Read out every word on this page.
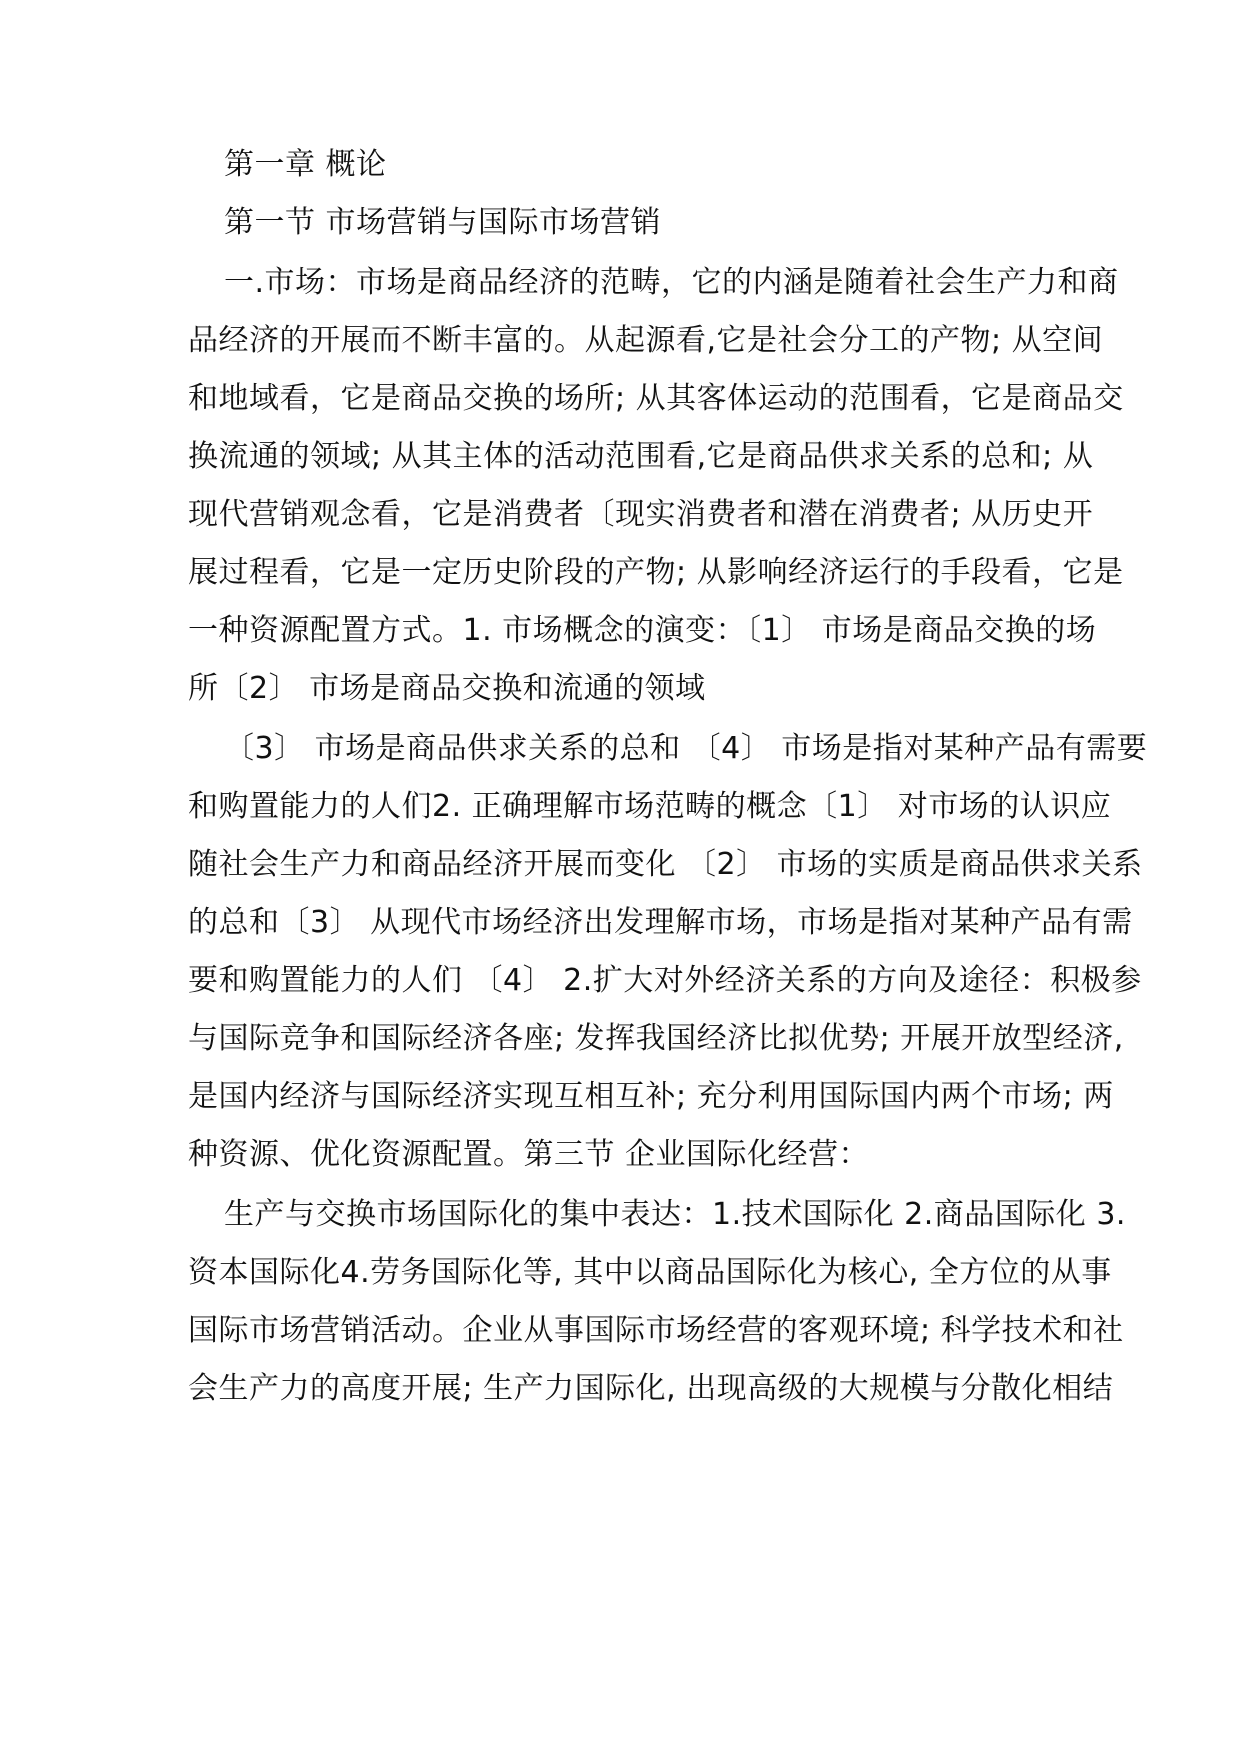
第一章 概论
第一节 市场营销与国际市场营销
一.市场：市场是商品经济的范畴，它的内涵是随着社会生产力和商
品经济的开展而不断丰富的。从起源看,它是社会分工的产物; 从空间
和地域看，它是商品交换的场所; 从其客体运动的范围看，它是商品交
换流通的领域; 从其主体的活动范围看,它是商品供求关系的总和; 从
现代营销观念看，它是消费者〔现实消费者和潜在消费者; 从历史开
展过程看，它是一定历史阶段的产物; 从影响经济运行的手段看，它是
一种资源配置方式。1. 市场概念的演变：〔1〕 市场是商品交换的场
所〔2〕 市场是商品交换和流通的领域
〔3〕 市场是商品供求关系的总和 〔4〕 市场是指对某种产品有需要
和购置能力的人们2. 正确理解市场范畴的概念〔1〕 对市场的认识应
随社会生产力和商品经济开展而变化 〔2〕 市场的实质是商品供求关系
的总和〔3〕 从现代市场经济出发理解市场，市场是指对某种产品有需
要和购置能力的人们 〔4〕 2.扩大对外经济关系的方向及途径：积极参
与国际竞争和国际经济各座; 发挥我国经济比拟优势; 开展开放型经济,
是国内经济与国际经济实现互相互补; 充分利用国际国内两个市场; 两
种资源、优化资源配置。第三节 企业国际化经营：
生产与交换市场国际化的集中表达：1.技术国际化 2.商品国际化 3.
资本国际化4.劳务国际化等, 其中以商品国际化为核心, 全方位的从事
国际市场营销活动。企业从事国际市场经营的客观环境; 科学技术和社
会生产力的高度开展; 生产力国际化, 出现高级的大规模与分散化相结
